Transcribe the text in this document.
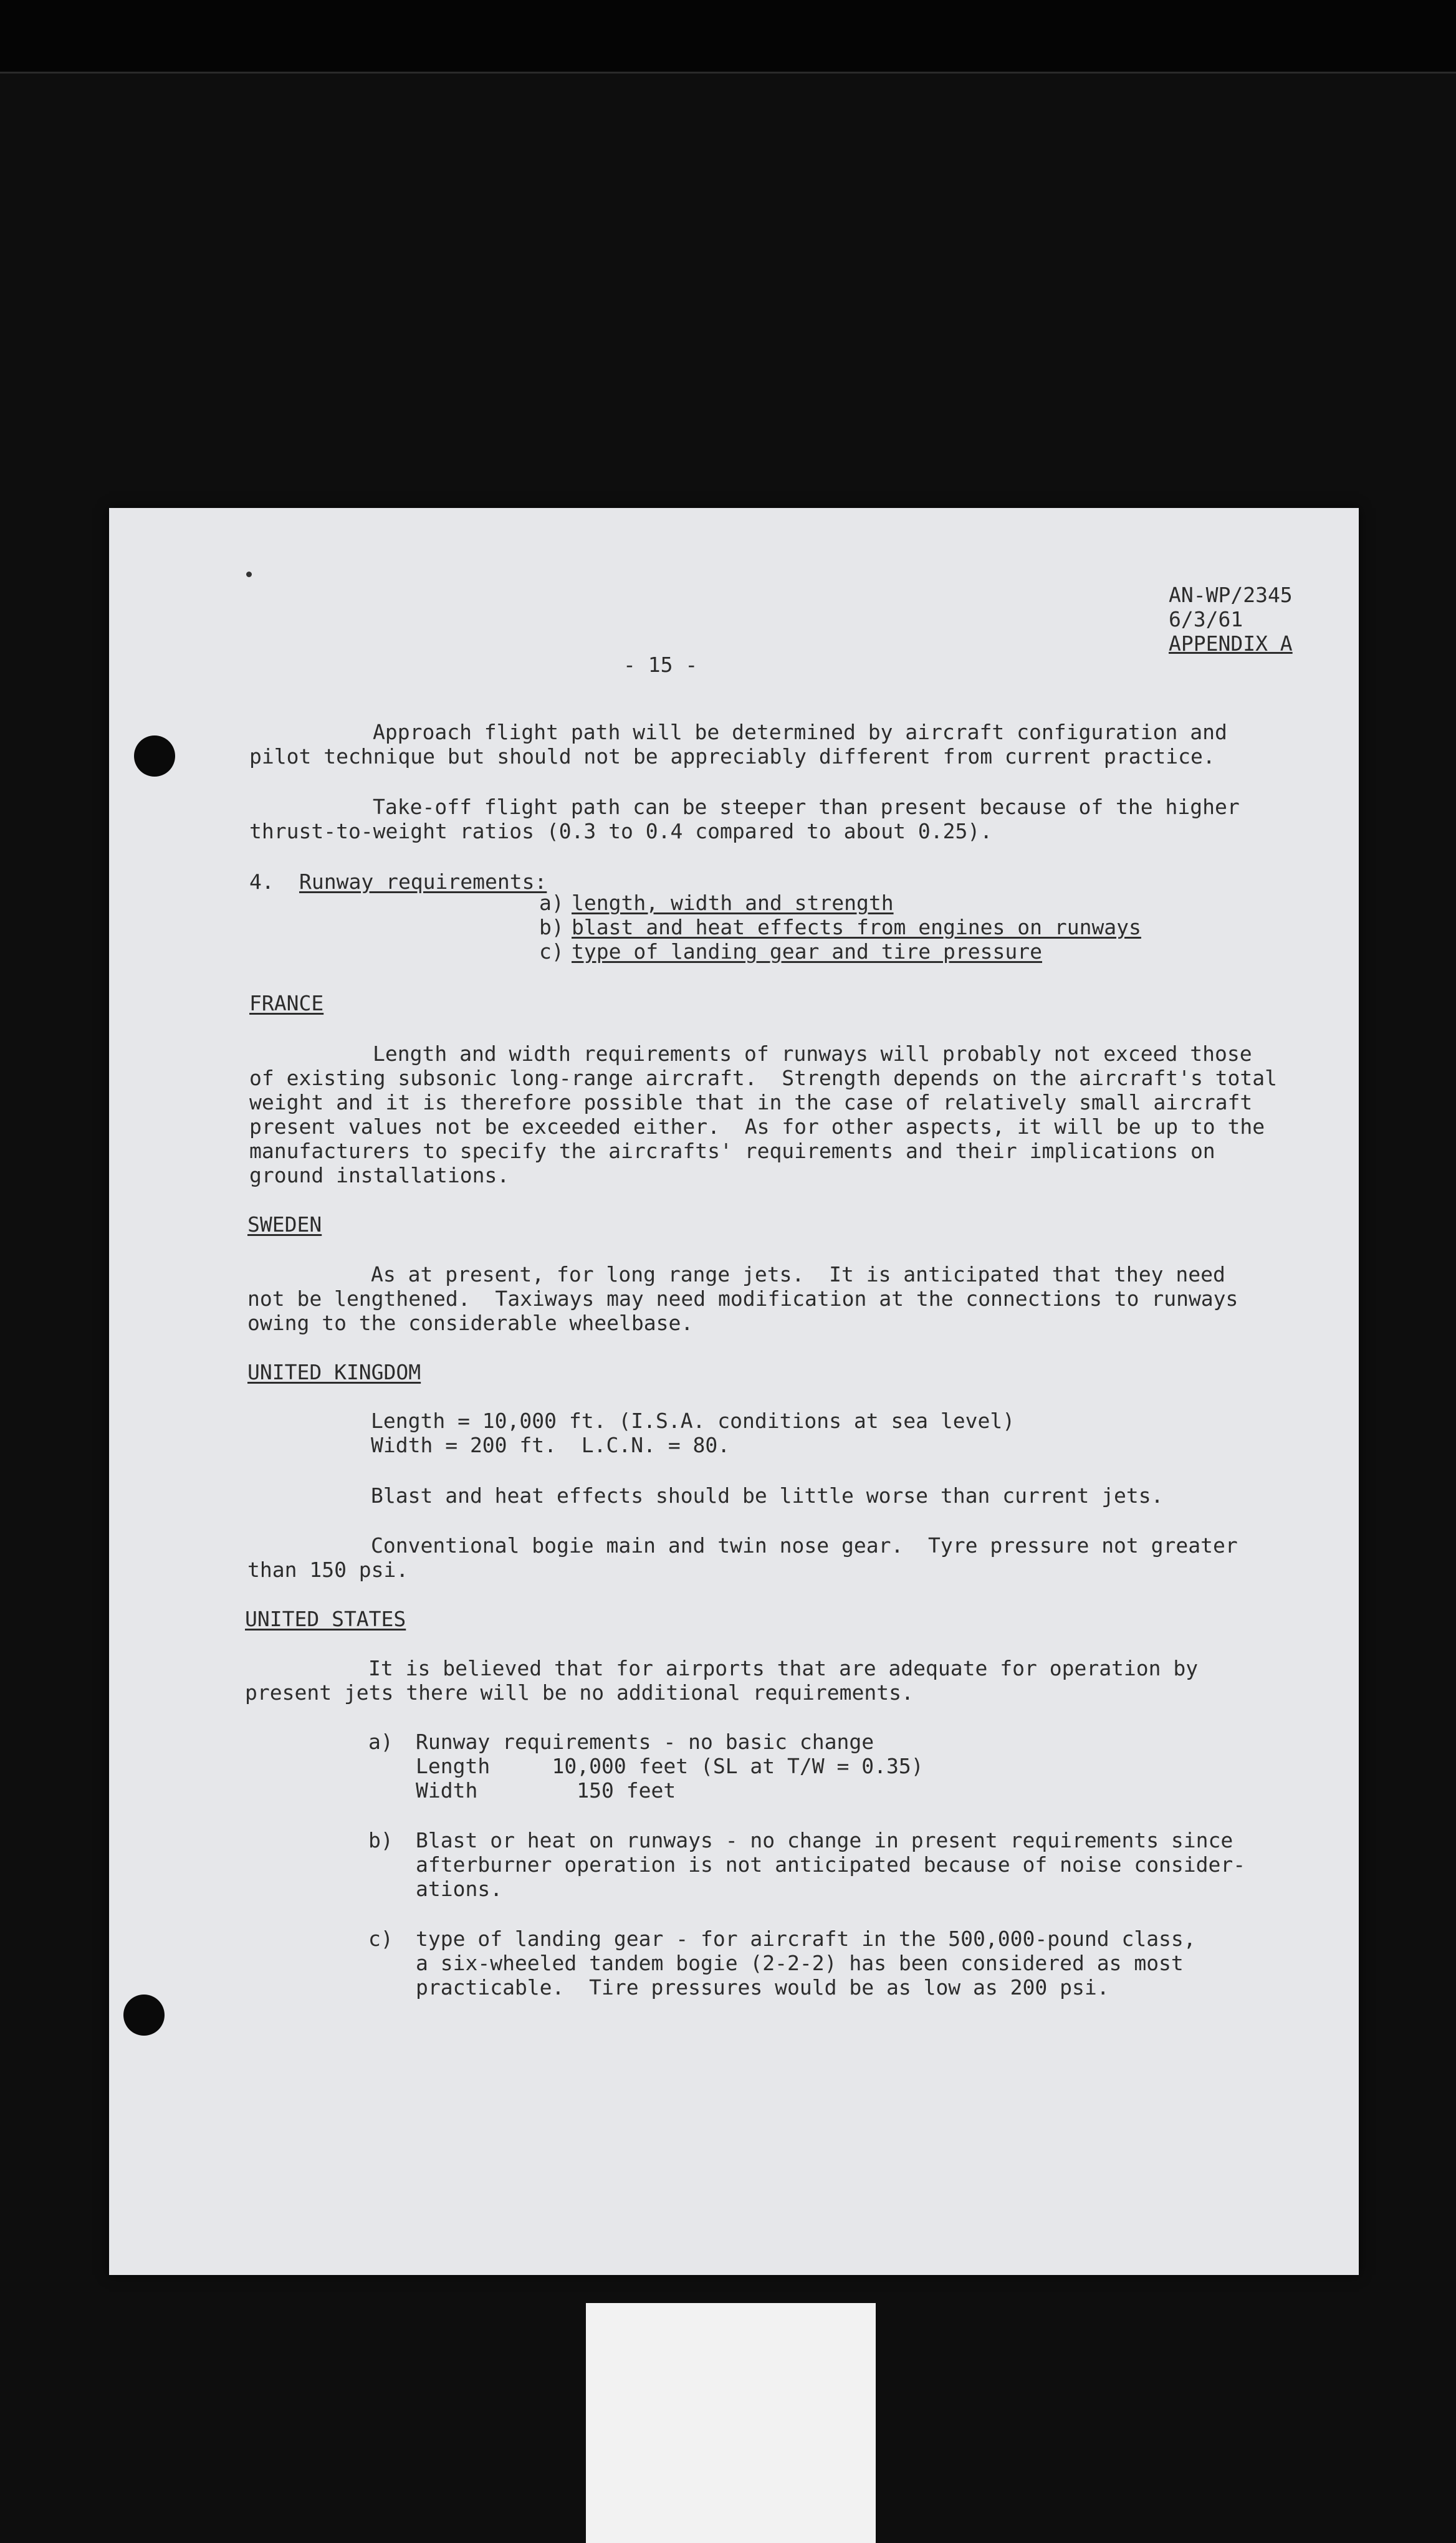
AN-WP/2345
6/3/61
APPENDIX A
- 15 -
Approach flight path will be determined by aircraft configuration and
pilot technique but should not be appreciably different from current practice.
Take-off flight path can be steeper than present because of the higher
thrust-to-weight ratios (0.3 to 0.4 compared to about 0.25).
4. Runway requirements:
a) length, width and strength
b) blast and heat effects from engines on runways
c) type of landing gear and tire pressure
FRANCE
Length and width requirements of runways will probably not exceed those
of existing subsonic long-range aircraft.  Strength depends on the aircraft's total
weight and it is therefore possible that in the case of relatively small aircraft
present values not be exceeded either.  As for other aspects, it will be up to the
manufacturers to specify the aircrafts' requirements and their implications on
ground installations.
SWEDEN
As at present, for long range jets.  It is anticipated that they need
not be lengthened.  Taxiways may need modification at the connections to runways
owing to the considerable wheelbase.
UNITED KINGDOM
Length = 10,000 ft. (I.S.A. conditions at sea level)
Width = 200 ft.  L.C.N. = 80.
Blast and heat effects should be little worse than current jets.
Conventional bogie main and twin nose gear.  Tyre pressure not greater
than 150 psi.
UNITED STATES
It is believed that for airports that are adequate for operation by
present jets there will be no additional requirements.
a) Runway requirements - no basic change
Length     10,000 feet (SL at T/W = 0.35)
Width        150 feet
b) Blast or heat on runways - no change in present requirements since
afterburner operation is not anticipated because of noise consider-
ations.
c) type of landing gear - for aircraft in the 500,000-pound class,
a six-wheeled tandem bogie (2-2-2) has been considered as most
practicable.  Tire pressures would be as low as 200 psi.
